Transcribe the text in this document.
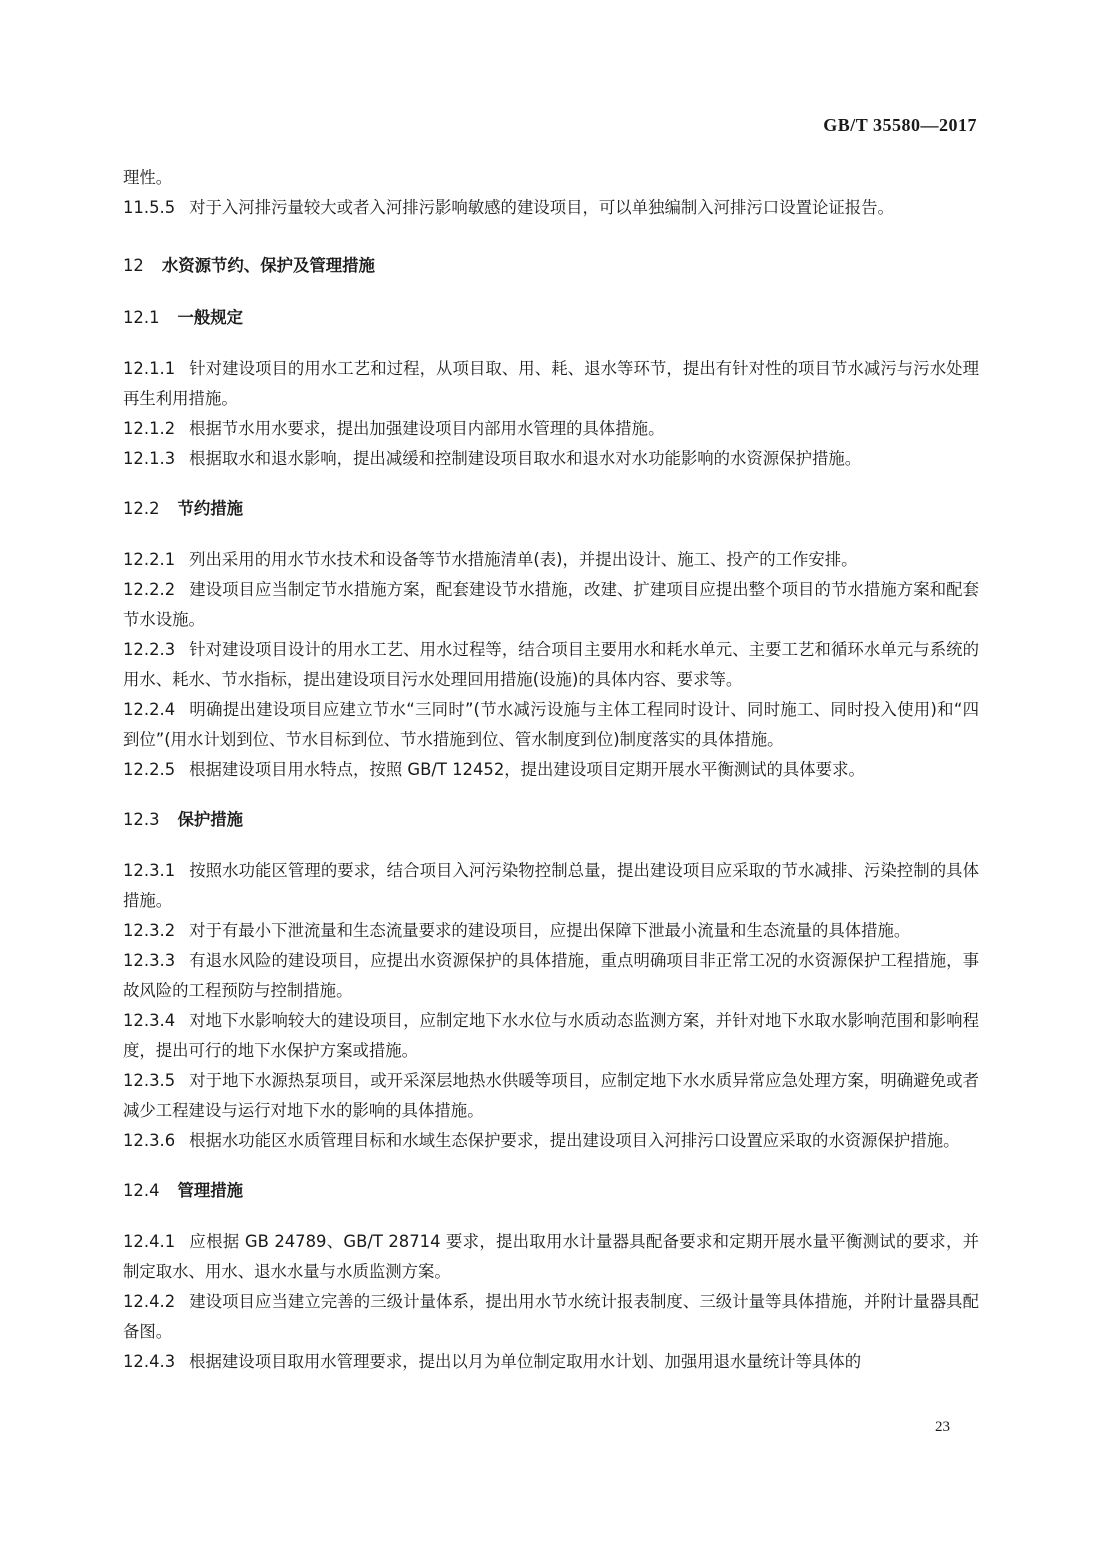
GB/T 35580—2017

理性。

11.5.5 对于入河排污量较大或者入河排污影响敏感的建设项目，可以单独编制入河排污口设置论证报告。

12 水资源节约、保护及管理措施

12.1 一般规定

12.1.1 针对建设项目的用水工艺和过程，从项目取、用、耗、退水等环节，提出有针对性的项目节水减污与污水处理再生利用措施。

12.1.2 根据节水用水要求，提出加强建设项目内部用水管理的具体措施。

12.1.3 根据取水和退水影响，提出减缓和控制建设项目取水和退水对水功能影响的水资源保护措施。

12.2 节约措施

12.2.1 列出采用的用水节水技术和设备等节水措施清单(表)，并提出设计、施工、投产的工作安排。

12.2.2 建设项目应当制定节水措施方案，配套建设节水措施，改建、扩建项目应提出整个项目的节水措施方案和配套节水设施。

12.2.3 针对建设项目设计的用水工艺、用水过程等，结合项目主要用水和耗水单元、主要工艺和循环水单元与系统的用水、耗水、节水指标，提出建设项目污水处理回用措施(设施)的具体内容、要求等。

12.2.4 明确提出建设项目应建立节水“三同时”(节水减污设施与主体工程同时设计、同时施工、同时投入使用)和“四到位”(用水计划到位、节水目标到位、节水措施到位、管水制度到位)制度落实的具体措施。

12.2.5 根据建设项目用水特点，按照 GB/T 12452，提出建设项目定期开展水平衡测试的具体要求。

12.3 保护措施

12.3.1 按照水功能区管理的要求，结合项目入河污染物控制总量，提出建设项目应采取的节水减排、污染控制的具体措施。

12.3.2 对于有最小下泄流量和生态流量要求的建设项目，应提出保障下泄最小流量和生态流量的具体措施。

12.3.3 有退水风险的建设项目，应提出水资源保护的具体措施，重点明确项目非正常工况的水资源保护工程措施，事故风险的工程预防与控制措施。

12.3.4 对地下水影响较大的建设项目，应制定地下水水位与水质动态监测方案，并针对地下水取水影响范围和影响程度，提出可行的地下水保护方案或措施。

12.3.5 对于地下水源热泵项目，或开采深层地热水供暖等项目，应制定地下水水质异常应急处理方案，明确避免或者减少工程建设与运行对地下水的影响的具体措施。

12.3.6 根据水功能区水质管理目标和水域生态保护要求，提出建设项目入河排污口设置应采取的水资源保护措施。

12.4 管理措施

12.4.1 应根据 GB 24789、GB/T 28714 要求，提出取用水计量器具配备要求和定期开展水量平衡测试的要求，并制定取水、用水、退水水量与水质监测方案。

12.4.2 建设项目应当建立完善的三级计量体系，提出用水节水统计报表制度、三级计量等具体措施，并附计量器具配备图。

12.4.3 根据建设项目取用水管理要求，提出以月为单位制定取用水计划、加强用退水量统计等具体的

23
